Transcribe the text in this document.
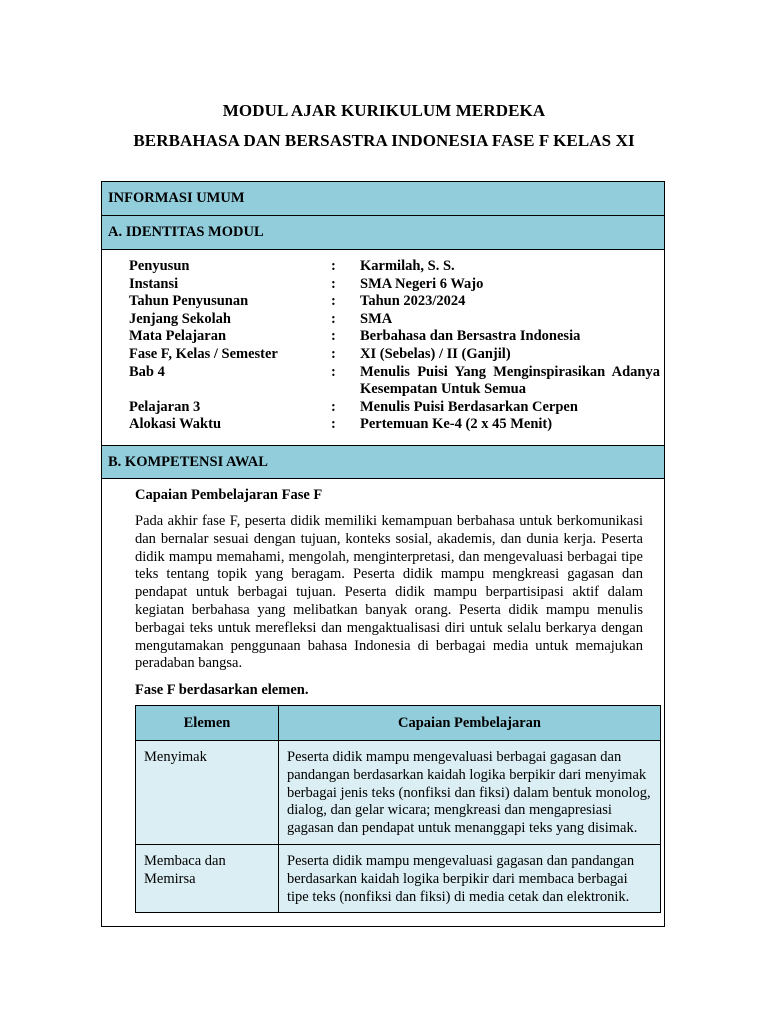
MODUL AJAR KURIKULUM MERDEKA
BERBAHASA DAN BERSASTRA INDONESIA FASE F KELAS XI
INFORMASI UMUM
A. IDENTITAS MODUL
Penyusun	:	Karmilah, S. S.
Instansi	:	SMA Negeri 6 Wajo
Tahun Penyusunan	:	Tahun 2023/2024
Jenjang Sekolah	:	SMA
Mata Pelajaran	:	Berbahasa dan Bersastra Indonesia
Fase F, Kelas / Semester	:	XI (Sebelas) / II (Ganjil)
Bab 4	:	Menulis Puisi Yang Menginspirasikan Adanya Kesempatan Untuk Semua
Pelajaran 3	:	Menulis Puisi Berdasarkan Cerpen
Alokasi Waktu	:	Pertemuan Ke-4 (2 x 45 Menit)
B. KOMPETENSI AWAL

Capaian Pembelajaran Fase F

Pada akhir fase F, peserta didik memiliki kemampuan berbahasa untuk berkomunikasi dan bernalar sesuai dengan tujuan, konteks sosial, akademis, dan dunia kerja. Peserta didik mampu memahami, mengolah, menginterpretasi, dan mengevaluasi berbagai tipe teks tentang topik yang beragam. Peserta didik mampu mengkreasi gagasan dan pendapat untuk berbagai tujuan. Peserta didik mampu berpartisipasi aktif dalam kegiatan berbahasa yang melibatkan banyak orang. Peserta didik mampu menulis berbagai teks untuk merefleksi dan mengaktualisasi diri untuk selalu berkarya dengan mengutamakan penggunaan bahasa Indonesia di berbagai media untuk memajukan peradaban bangsa.

Fase F berdasarkan elemen.

Elemen	Capaian Pembelajaran
Menyimak	Peserta didik mampu mengevaluasi berbagai gagasan dan pandangan berdasarkan kaidah logika berpikir dari menyimak berbagai jenis teks (nonfiksi dan fiksi) dalam bentuk monolog, dialog, dan gelar wicara; mengkreasi dan mengapresiasi gagasan dan pendapat untuk menanggapi teks yang disimak.
Membaca dan Memirsa	Peserta didik mampu mengevaluasi gagasan dan pandangan berdasarkan kaidah logika berpikir dari membaca berbagai tipe teks (nonfiksi dan fiksi) di media cetak dan elektronik.
